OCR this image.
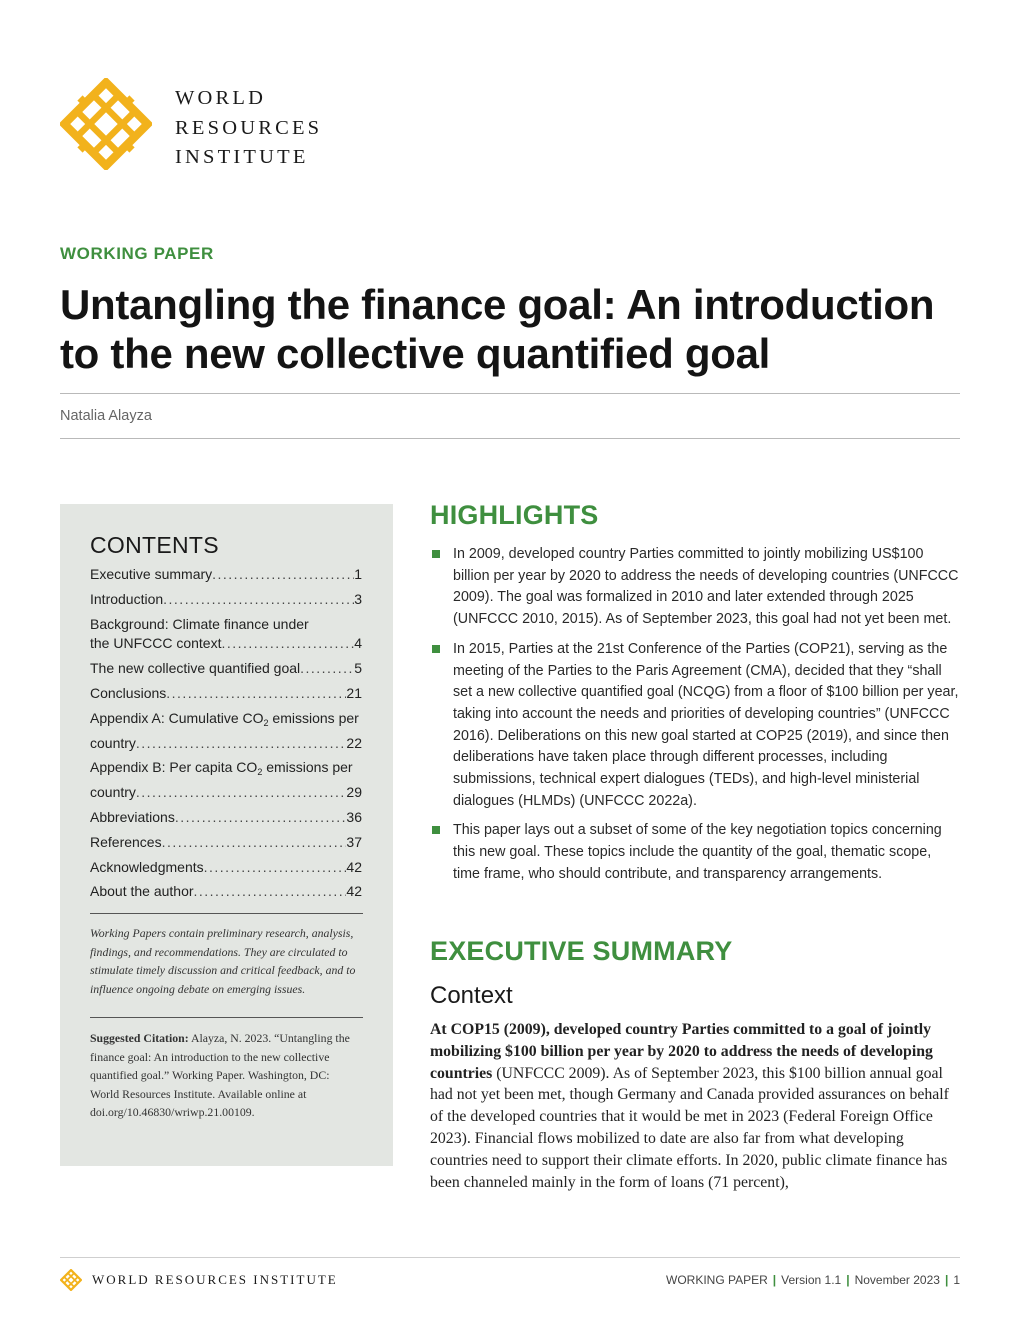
WORLD
RESOURCES
INSTITUTE
WORKING PAPER
Untangling the finance goal: An introduction to the new collective quantified goal
Natalia Alayza
CONTENTS
Executive summary . . .	1
Introduction . . .	3
Background: Climate finance under
the UNFCCC context . . .	4
The new collective quantified goal . . .	5
Conclusions . . .	21
Appendix A: Cumulative $CO_2$ emissions per
country . . .	22
Appendix B: Per capita $CO_2$ emissions per
country . . .	29
Abbreviations . . .	36
References . . .	37
Acknowledgments . . .	42
About the author . . .	42
Working Papers contain preliminary research, analysis, findings, and recommendations. They are circulated to stimulate timely discussion and critical feedback, and to influence ongoing debate on emerging issues.
Suggested Citation: Alayza, N. 2023. “Untangling the finance goal: An introduction to the new collective quantified goal.” Working Paper. Washington, DC: World Resources Institute. Available online at doi.org/10.46830/wriwp.21.00109.
HIGHLIGHTS
In 2009, developed country Parties committed to jointly mobilizing US$100 billion per year by 2020 to address the needs of developing countries (UNFCCC 2009). The goal was formalized in 2010 and later extended through 2025 (UNFCCC 2010, 2015). As of September 2023, this goal had not yet been met.
In 2015, Parties at the 21st Conference of the Parties (COP21), serving as the meeting of the Parties to the Paris Agreement (CMA), decided that they “shall set a new collective quantified goal (NCQG) from a floor of $100 billion per year, taking into account the needs and priorities of developing countries” (UNFCCC 2016). Deliberations on this new goal started at COP25 (2019), and since then deliberations have taken place through different processes, including submissions, technical expert dialogues (TEDs), and high-level ministerial dialogues (HLMDs) (UNFCCC 2022a).
This paper lays out a subset of some of the key negotiation topics concerning this new goal. These topics include the quantity of the goal, thematic scope, time frame, who should contribute, and transparency arrangements.
EXECUTIVE SUMMARY
Context
At COP15 (2009), developed country Parties committed to a goal of jointly mobilizing $100 billion per year by 2020 to address the needs of developing countries (UNFCCC 2009). As of September 2023, this $100 billion annual goal had not yet been met, though Germany and Canada provided assurances on behalf of the developed countries that it would be met in 2023 (Federal Foreign Office 2023). Financial flows mobilized to date are also far from what developing countries need to support their climate efforts. In 2020, public climate finance has been channeled mainly in the form of loans (71 percent),
WORLD RESOURCES INSTITUTE	WORKING PAPER | Version 1.1 | November 2023 | 1
